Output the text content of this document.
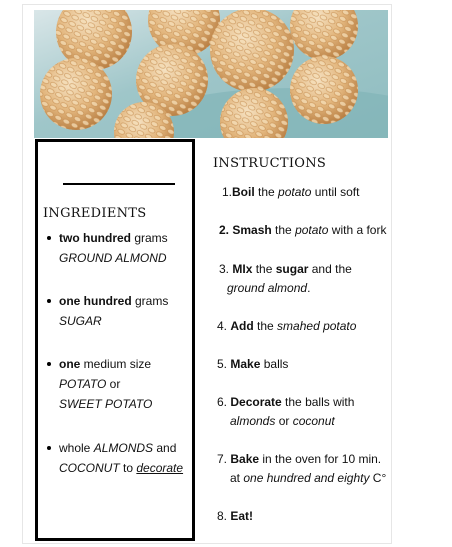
INGREDIENTS
two hundred grams
GROUND ALMOND
one hundred grams
SUGAR
one medium size
POTATO or
SWEET POTATO
whole ALMONDS and
COCONUT to decorate
INSTRUCTIONS
1.Boil the potato until soft
2. Smash the potato with a fork
3. MIx the sugar and the
ground almond.
4. Add the smahed potato
5. Make balls
6. Decorate the balls with
almonds or coconut
7. Bake in the oven for 10 min.
at one hundred and eighty C°
8. Eat!
